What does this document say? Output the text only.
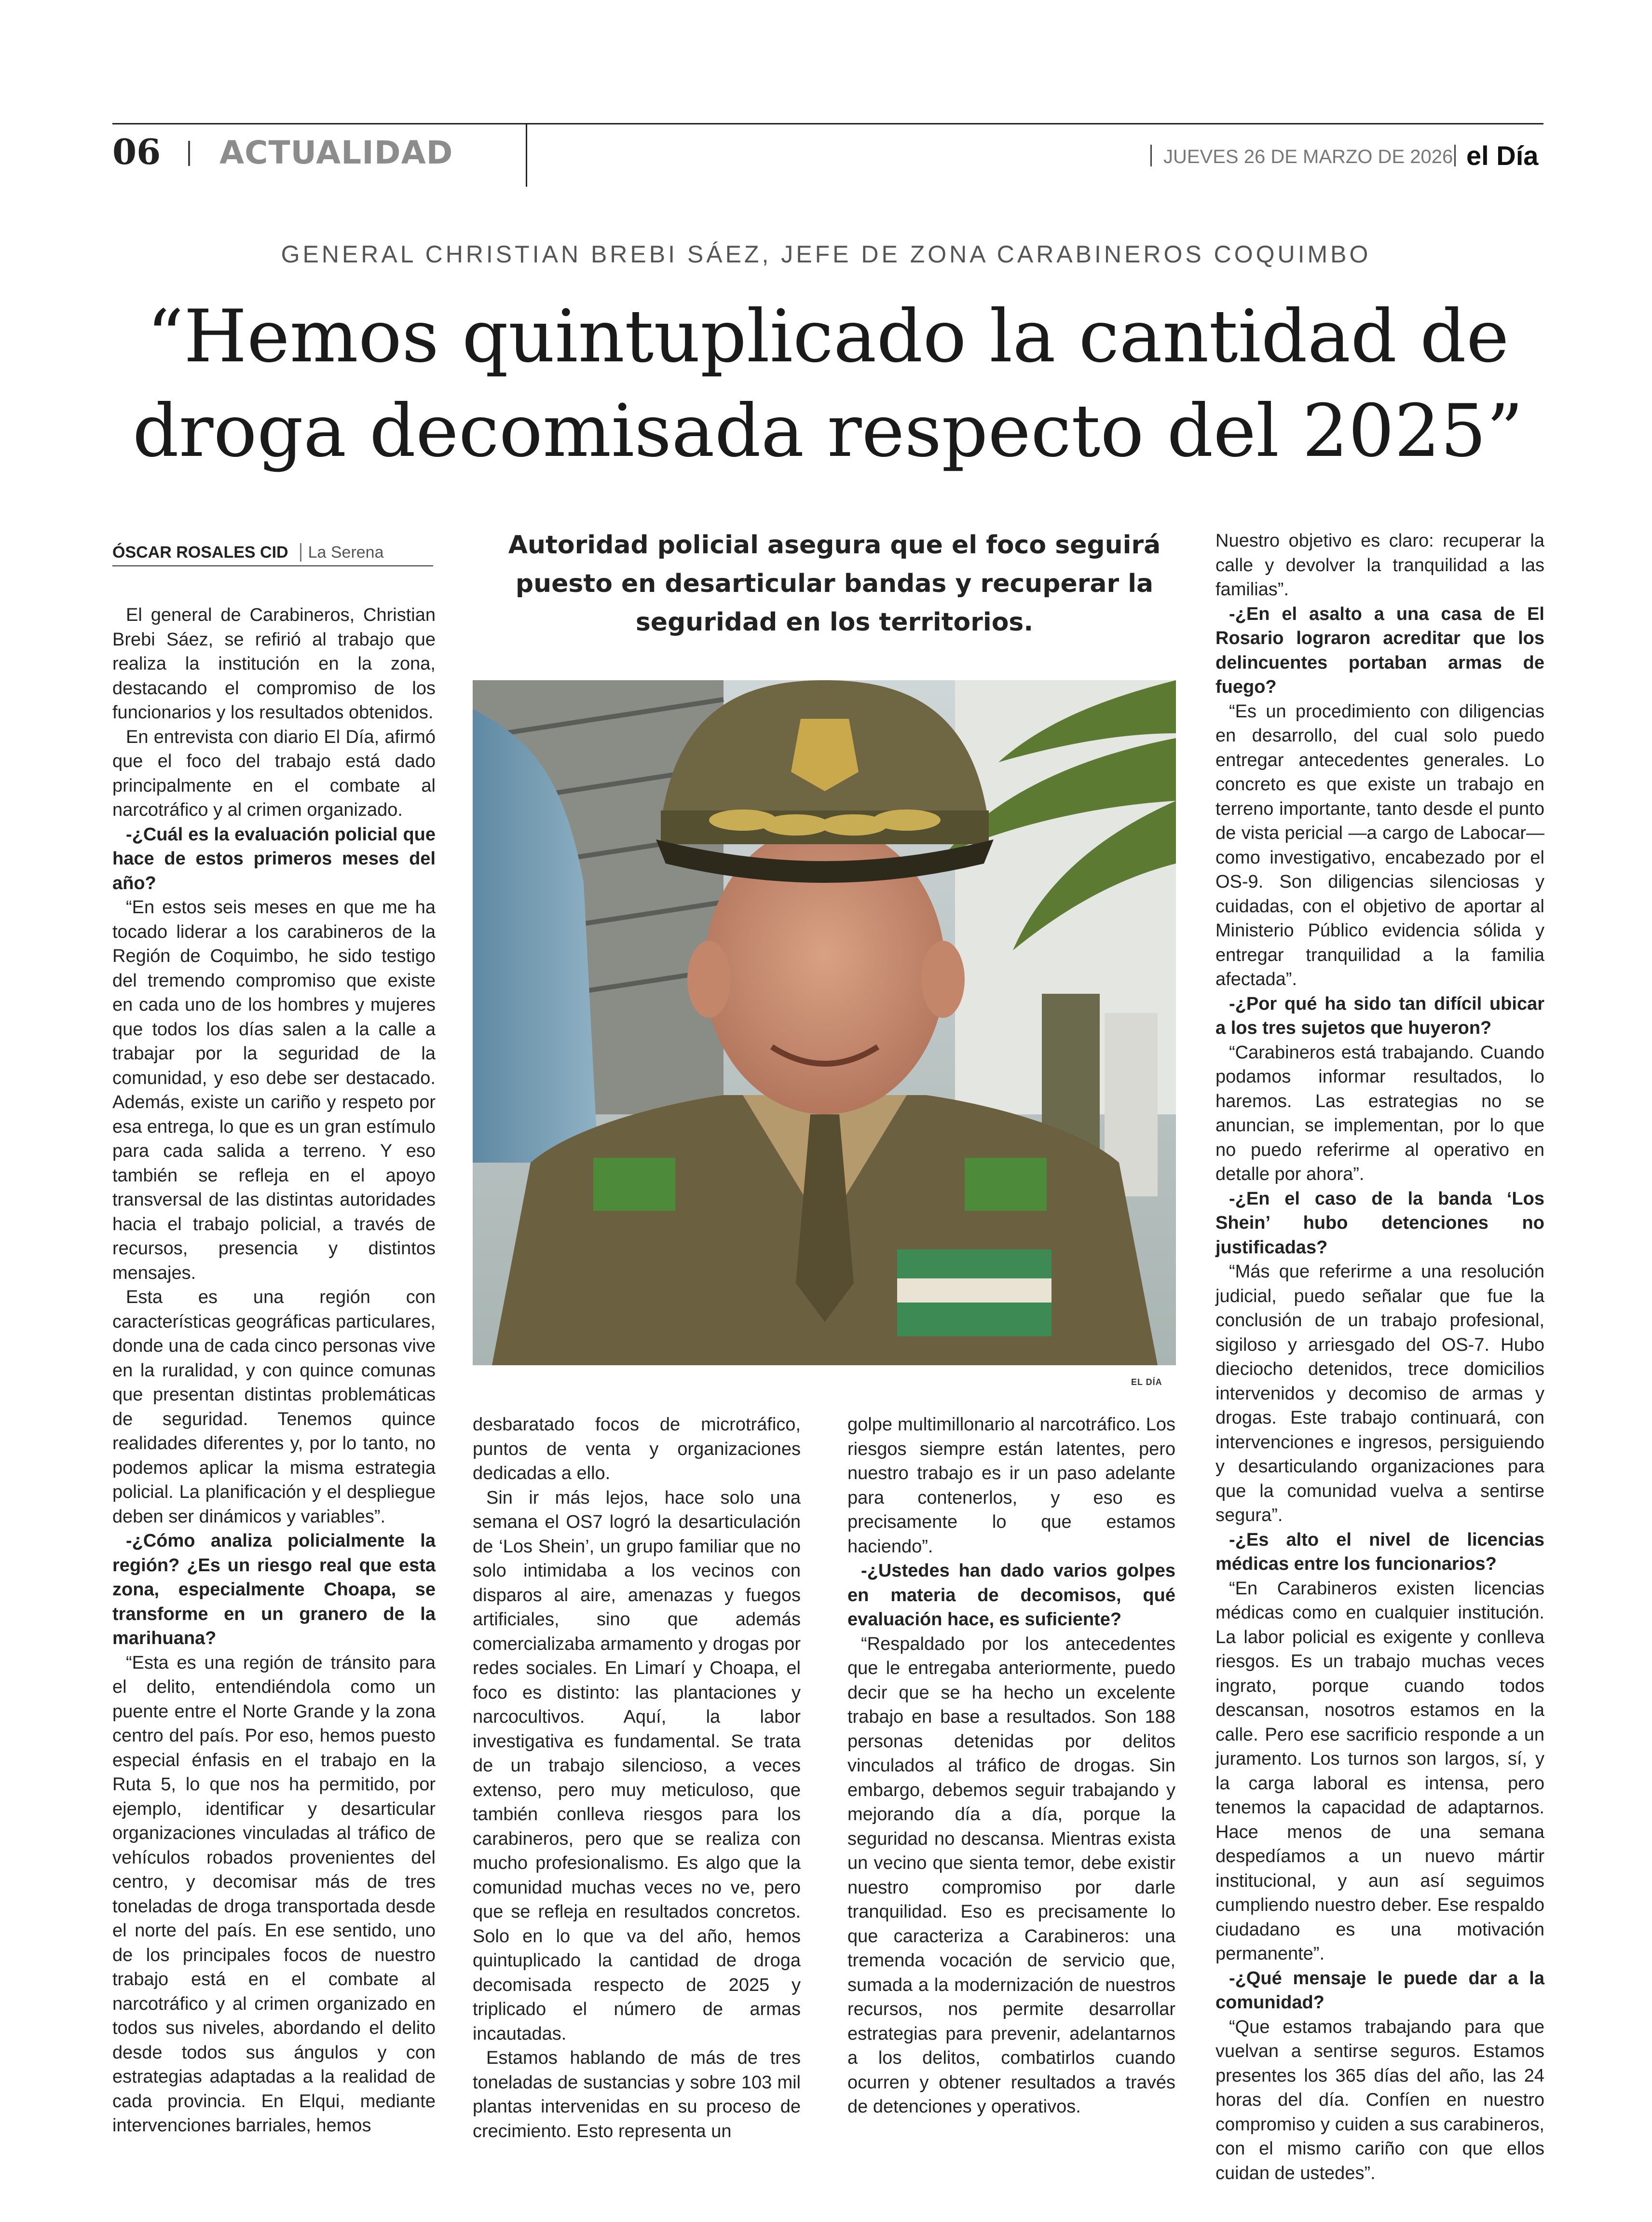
06 ACTUALIDAD	JUEVES 26 DE MARZO DE 2026 el Día
GENERAL CHRISTIAN BREBI SÁEZ, JEFE DE ZONA CARABINEROS COQUIMBO
“Hemos quintuplicado la cantidad de
droga decomisada respecto del 2025”
ÓSCAR ROSALES CID La Serena

El general de Carabineros, Christian Brebi Sáez, se refirió al trabajo que realiza la institución en la zona, destacando el compromiso de los funcionarios y los resultados obtenidos.

En entrevista con diario El Día, afirmó que el foco del trabajo está dado principalmente en el combate al narcotráfico y al crimen organizado.

-¿Cuál es la evaluación policial que hace de estos primeros meses del año?

“En estos seis meses en que me ha tocado liderar a los carabineros de la Región de Coquimbo, he sido testigo del tremendo compromiso que existe en cada uno de los hombres y mujeres que todos los días salen a la calle a trabajar por la seguridad de la comunidad, y eso debe ser destacado. Además, existe un cariño y respeto por esa entrega, lo que es un gran estímulo para cada salida a terreno. Y eso también se refleja en el apoyo transversal de las distintas autoridades hacia el trabajo policial, a través de recursos, presencia y distintos mensajes.

Esta es una región con características geográficas particulares, donde una de cada cinco personas vive en la ruralidad, y con quince comunas que presentan distintas problemáticas de seguridad. Tenemos quince realidades diferentes y, por lo tanto, no podemos aplicar la misma estrategia policial. La planificación y el despliegue deben ser dinámicos y variables”.

-¿Cómo analiza policialmente la región? ¿Es un riesgo real que esta zona, especialmente Choapa, se transforme en un granero de la marihuana?

“Esta es una región de tránsito para el delito, entendiéndola como un puente entre el Norte Grande y la zona centro del país. Por eso, hemos puesto especial énfasis en el trabajo en la Ruta 5, lo que nos ha permitido, por ejemplo, identificar y desarticular organizaciones vinculadas al tráfico de vehículos robados provenientes del centro, y decomisar más de tres toneladas de droga transportada desde el norte del país. En ese sentido, uno de los principales focos de nuestro trabajo está en el combate al narcotráfico y al crimen organizado en todos sus niveles, abordando el delito desde todos sus ángulos y con estrategias adaptadas a la realidad de cada provincia. En Elqui, mediante intervenciones barriales, hemos

Autoridad policial asegura que el foco seguirá puesto en desarticular bandas y recuperar la seguridad en los territorios.

EL DÍA

desbaratado focos de microtráfico, puntos de venta y organizaciones dedicadas a ello.

Sin ir más lejos, hace solo una semana el OS7 logró la desarticulación de ‘Los Shein’, un grupo familiar que no solo intimidaba a los vecinos con disparos al aire, amenazas y fuegos artificiales, sino que además comercializaba armamento y drogas por redes sociales. En Limarí y Choapa, el foco es distinto: las plantaciones y narcocultivos. Aquí, la labor investigativa es fundamental. Se trata de un trabajo silencioso, a veces extenso, pero muy meticuloso, que también conlleva riesgos para los carabineros, pero que se realiza con mucho profesionalismo. Es algo que la comunidad muchas veces no ve, pero que se refleja en resultados concretos. Solo en lo que va del año, hemos quintuplicado la cantidad de droga decomisada respecto de 2025 y triplicado el número de armas incautadas.

Estamos hablando de más de tres toneladas de sustancias y sobre 103 mil plantas intervenidas en su proceso de crecimiento. Esto representa un

golpe multimillonario al narcotráfico. Los riesgos siempre están latentes, pero nuestro trabajo es ir un paso adelante para contenerlos, y eso es precisamente lo que estamos haciendo”.

-¿Ustedes han dado varios golpes en materia de decomisos, qué evaluación hace, es suficiente?

“Respaldado por los antecedentes que le entregaba anteriormente, puedo decir que se ha hecho un excelente trabajo en base a resultados. Son 188 personas detenidas por delitos vinculados al tráfico de drogas. Sin embargo, debemos seguir trabajando y mejorando día a día, porque la seguridad no descansa. Mientras exista un vecino que sienta temor, debe existir nuestro compromiso por darle tranquilidad. Eso es precisamente lo que caracteriza a Carabineros: una tremenda vocación de servicio que, sumada a la modernización de nuestros recursos, nos permite desarrollar estrategias para prevenir, adelantarnos a los delitos, combatirlos cuando ocurren y obtener resultados a través de detenciones y operativos.

Nuestro objetivo es claro: recuperar la calle y devolver la tranquilidad a las familias”.

-¿En el asalto a una casa de El Rosario lograron acreditar que los delincuentes portaban armas de fuego?

“Es un procedimiento con diligencias en desarrollo, del cual solo puedo entregar antecedentes generales. Lo concreto es que existe un trabajo en terreno importante, tanto desde el punto de vista pericial —a cargo de Labocar— como investigativo, encabezado por el OS-9. Son diligencias silenciosas y cuidadas, con el objetivo de aportar al Ministerio Público evidencia sólida y entregar tranquilidad a la familia afectada”.

-¿Por qué ha sido tan difícil ubicar a los tres sujetos que huyeron?

“Carabineros está trabajando. Cuando podamos informar resultados, lo haremos. Las estrategias no se anuncian, se implementan, por lo que no puedo referirme al operativo en detalle por ahora”.

-¿En el caso de la banda ‘Los Shein’ hubo detenciones no justificadas?

“Más que referirme a una resolución judicial, puedo señalar que fue la conclusión de un trabajo profesional, sigiloso y arriesgado del OS-7. Hubo dieciocho detenidos, trece domicilios intervenidos y decomiso de armas y drogas. Este trabajo continuará, con intervenciones e ingresos, persiguiendo y desarticulando organizaciones para que la comunidad vuelva a sentirse segura”.

-¿Es alto el nivel de licencias médicas entre los funcionarios?

“En Carabineros existen licencias médicas como en cualquier institución. La labor policial es exigente y conlleva riesgos. Es un trabajo muchas veces ingrato, porque cuando todos descansan, nosotros estamos en la calle. Pero ese sacrificio responde a un juramento. Los turnos son largos, sí, y la carga laboral es intensa, pero tenemos la capacidad de adaptarnos. Hace menos de una semana despedíamos a un nuevo mártir institucional, y aun así seguimos cumpliendo nuestro deber. Ese respaldo ciudadano es una motivación permanente”.

-¿Qué mensaje le puede dar a la comunidad?

“Que estamos trabajando para que vuelvan a sentirse seguros. Estamos presentes los 365 días del año, las 24 horas del día. Confíen en nuestro compromiso y cuiden a sus carabineros, con el mismo cariño con que ellos cuidan de ustedes”.
